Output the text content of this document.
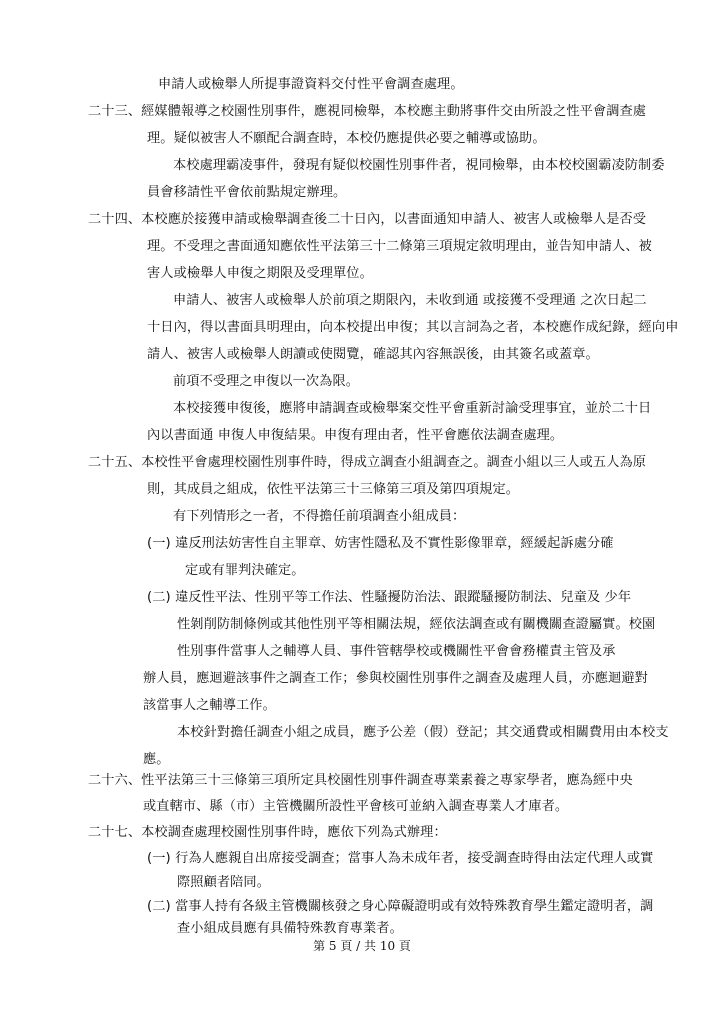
第 5 頁 / 共 10 頁

申請人或檢舉人所提事證資料交付性平會調查處理。

二十三、經媒體報導之校園性別事件，應視同檢舉，本校應主動將事件交由所設之性平會調查處

理。疑似被害人不願配合調查時，本校仍應提供必要之輔導或協助。

本校處理霸凌事件，發現有疑似校園性別事件者，視同檢舉，由本校校園霸凌防制委

員會移請性平會依前點規定辦理。

二十四、本校應於接獲申請或檢舉調查後二十日內，以書面通知申請人、被害人或檢舉人是否受

理。不受理之書面通知應依性平法第三十二條第三項規定敘明理由，並告知申請人、被

害人或檢舉人申復之期限及受理單位。

申請人、被害人或檢舉人於前項之期限內，未收到通 或接獲不受理通 之次日起二

十日內，得以書面具明理由，向本校提出申復；其以言詞為之者，本校應作成紀錄，經向申

請人、被害人或檢舉人朗讀或使閱覽，確認其內容無誤後，由其簽名或蓋章。

前項不受理之申復以一次為限。

本校接獲申復後，應將申請調查或檢舉案交性平會重新討論受理事宜，並於二十日

內以書面通 申復人申復結果。申復有理由者，性平會應依法調查處理。

二十五、本校性平會處理校園性別事件時，得成立調查小組調查之。調查小組以三人或五人為原

則，其成員之組成，依性平法第三十三條第三項及第四項規定。

有下列情形之一者，不得擔任前項調查小組成員：

(一) 違反刑法妨害性自主罪章、妨害性隱私及不實性影像罪章，經緩起訴處分確

定或有罪判決確定。

(二) 違反性平法、性別平等工作法、性騷擾防治法、跟蹤騷擾防制法、兒童及 少年

性剝削防制條例或其他性別平等相關法規，經依法調查或有關機關查證屬實。校園

性別事件當事人之輔導人員、事件管轄學校或機關性平會會務權責主管及承

辦人員，應迴避該事件之調查工作；參與校園性別事件之調查及處理人員，亦應迴避對

該當事人之輔導工作。

本校針對擔任調查小組之成員，應予公差（假）登記；其交通費或相關費用由本校支

應。

二十六、性平法第三十三條第三項所定具校園性別事件調查專業素養之專家學者，應為經中央

或直轄市、縣（市）主管機關所設性平會核可並納入調查專業人才庫者。

二十七、本校調查處理校園性別事件時，應依下列為式辦理：

(一) 行為人應親自出席接受調查；當事人為未成年者，接受調查時得由法定代理人或實

際照顧者陪同。

(二) 當事人持有各級主管機關核發之身心障礙證明或有效特殊教育學生鑑定證明者，調

查小組成員應有具備特殊教育專業者。
